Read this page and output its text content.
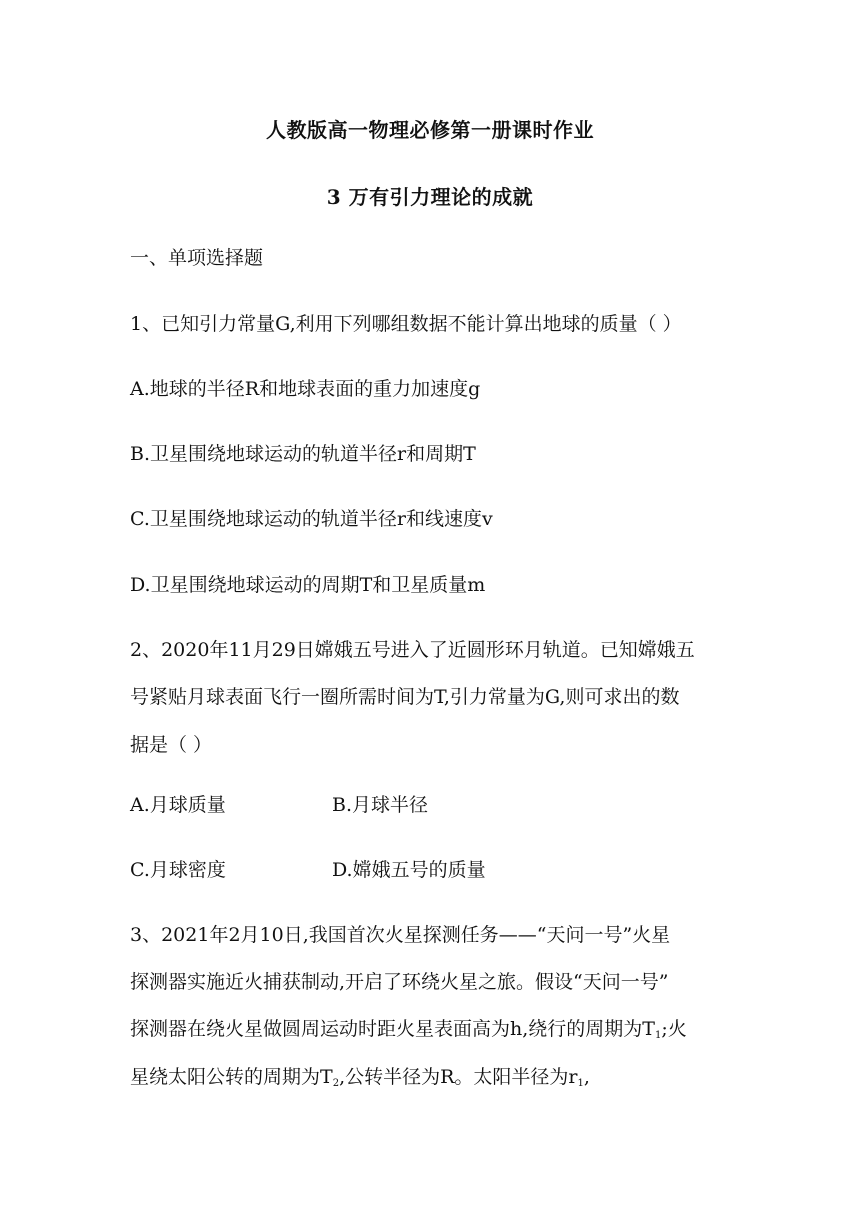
人教版高一物理必修第一册课时作业
3 万有引力理论的成就
一、单项选择题
1、已知引力常量G,利用下列哪组数据不能计算出地球的质量（ ）
A.地球的半径R和地球表面的重力加速度g
B.卫星围绕地球运动的轨道半径r和周期T
C.卫星围绕地球运动的轨道半径r和线速度v
D.卫星围绕地球运动的周期T和卫星质量m
2、2020年11月29日嫦娥五号进入了近圆形环月轨道。已知嫦娥五
号紧贴月球表面飞行一圈所需时间为T,引力常量为G,则可求出的数
据是（ ）
A.月球质量	B.月球半径
C.月球密度	D.嫦娥五号的质量
3、2021年2月10日,我国首次火星探测任务——“天问一号”火星
探测器实施近火捕获制动,开启了环绕火星之旅。假设“天问一号”
探测器在绕火星做圆周运动时距火星表面高为h,绕行的周期为$T_1$;火
星绕太阳公转的周期为$T_2$,公转半径为R。太阳半径为$r_1$,
